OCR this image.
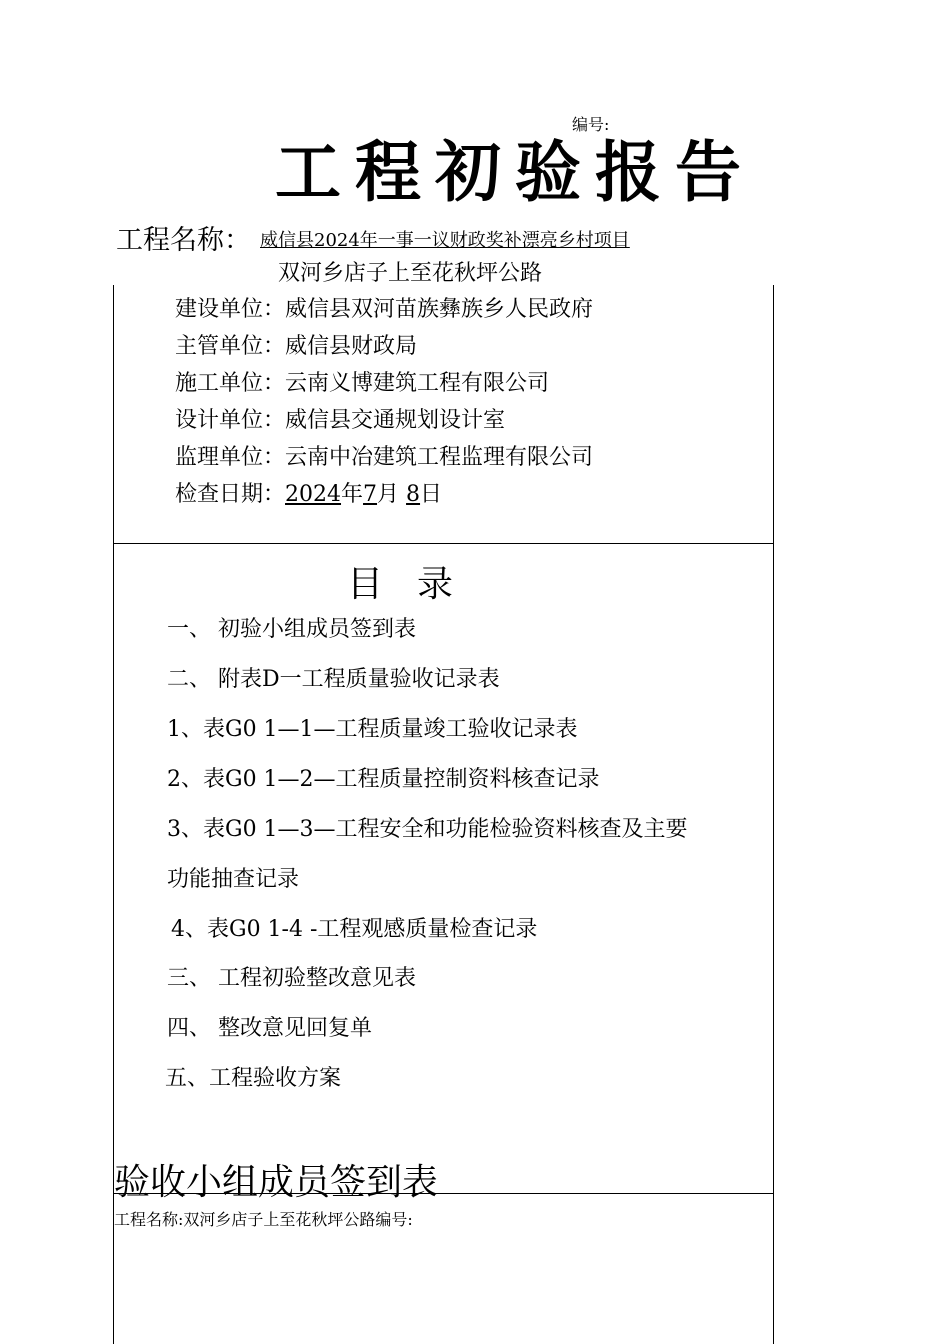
编号:
工程初验报告
工程名称： 威信县2024年一事一议财政奖补漂亮乡村项目
双河乡店子上至花秋坪公路
建设单位：威信县双河苗族彝族乡人民政府
主管单位：威信县财政局
施工单位：云南义博建筑工程有限公司
设计单位：威信县交通规划设计室
监理单位：云南中冶建筑工程监理有限公司
检查日期：2024年7月 8日
目录
一、 初验小组成员签到表
二、 附表D一工程质量验收记录表
1、表G0 1—1—工程质量竣工验收记录表
2、表G0 1—2—工程质量控制资料核查记录
3、表G0 1—3—工程安全和功能检验资料核查及主要
功能抽查记录
4、表G0 1-4 -工程观感质量检查记录
三、 工程初验整改意见表
四、 整改意见回复单
五、工程验收方案
验收小组成员签到表
工程名称:双河乡店子上至花秋坪公路编号:
